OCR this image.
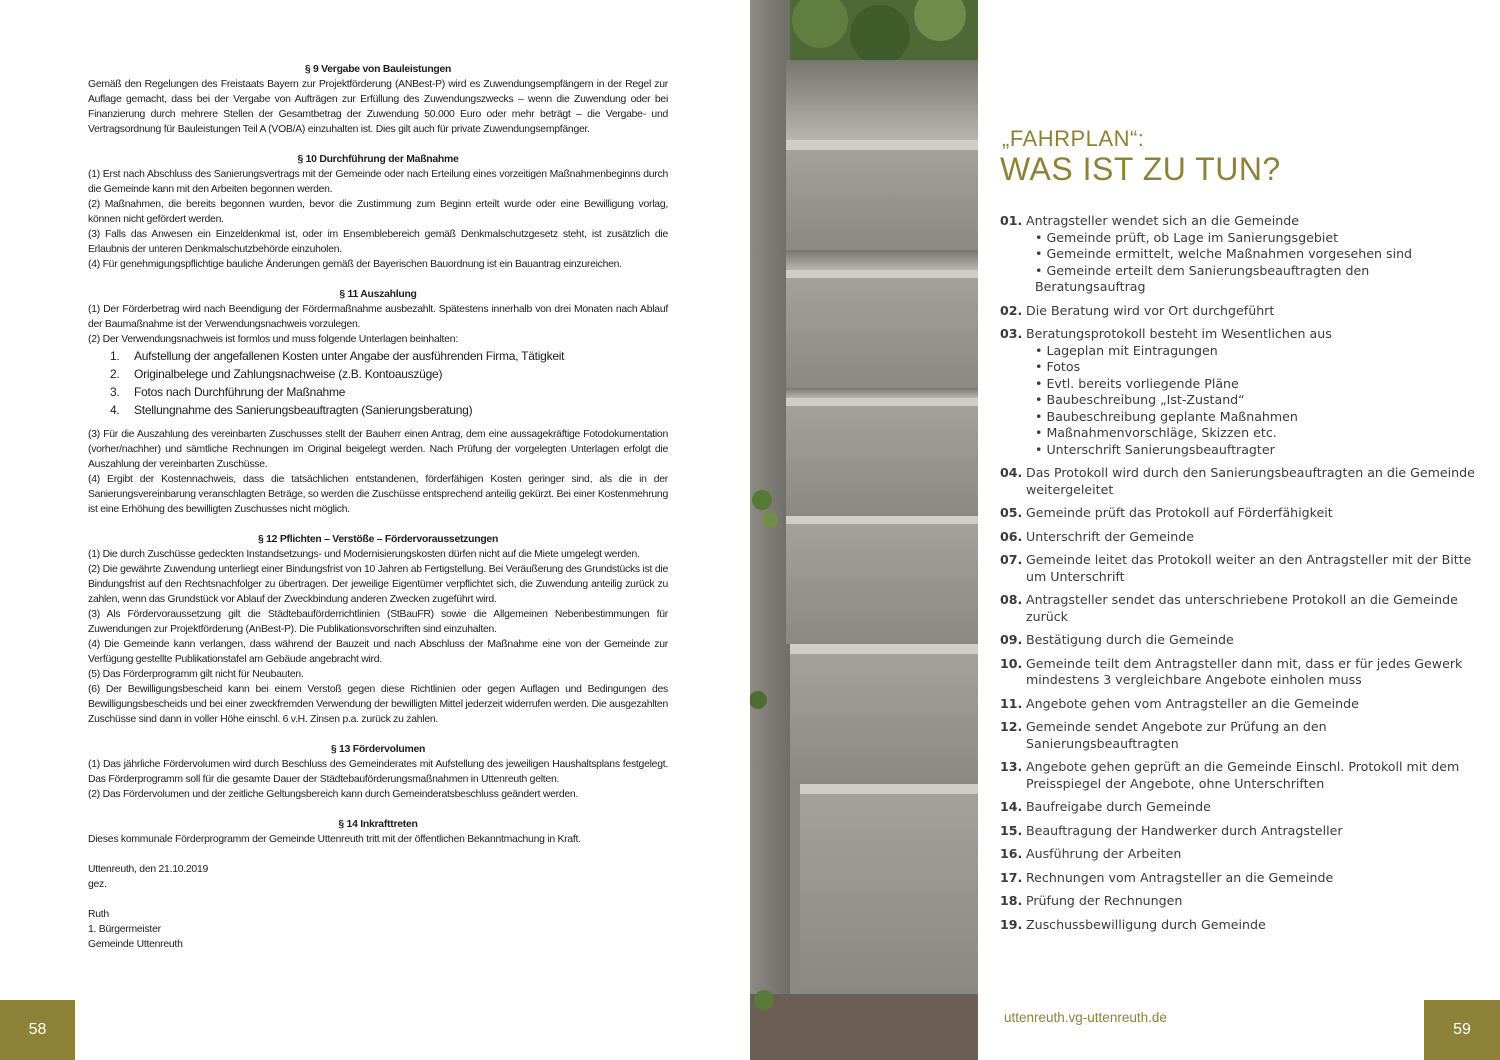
§ 9 Vergabe von Bauleistungen

Gemäß den Regelungen des Freistaats Bayern zur Projektförderung (ANBest-P) wird es Zuwendungsempfängern in der Regel zur Auflage gemacht, dass bei der Vergabe von Aufträgen zur Erfüllung des Zuwendungszwecks – wenn die Zuwendung oder bei Finanzierung durch mehrere Stellen der Gesamtbetrag der Zuwendung 50.000 Euro oder mehr beträgt – die Vergabe- und Vertragsordnung für Bauleistungen Teil A (VOB/A) einzuhalten ist. Dies gilt auch für private Zuwendungsempfänger.

§ 10 Durchführung der Maßnahme

(1) Erst nach Abschluss des Sanierungsvertrags mit der Gemeinde oder nach Erteilung eines vorzeitigen Maßnahmenbeginns durch die Gemeinde kann mit den Arbeiten begonnen werden.

(2) Maßnahmen, die bereits begonnen wurden, bevor die Zustimmung zum Beginn erteilt wurde oder eine Bewilligung vorlag, können nicht gefördert werden.

(3) Falls das Anwesen ein Einzeldenkmal ist, oder im Ensemblebereich gemäß Denkmalschutzgesetz steht, ist zusätzlich die Erlaubnis der unteren Denkmalschutzbehörde einzuholen.

(4) Für genehmigungspflichtige bauliche Änderungen gemäß der Bayerischen Bauordnung ist ein Bauantrag einzureichen.

§ 11 Auszahlung

(1) Der Förderbetrag wird nach Beendigung der Fördermaßnahme ausbezahlt. Spätestens innerhalb von drei Monaten nach Ablauf der Baumaßnahme ist der Verwendungsnachweis vorzulegen.

(2) Der Verwendungsnachweis ist formlos und muss folgende Unterlagen beinhalten:

1.	Aufstellung der angefallenen Kosten unter Angabe der ausführenden Firma, Tätigkeit
2.	Originalbelege und Zahlungsnachweise (z.B. Kontoauszüge)
3.	Fotos nach Durchführung der Maßnahme
4.	Stellungnahme des Sanierungsbeauftragten (Sanierungsberatung)

(3) Für die Auszahlung des vereinbarten Zuschusses stellt der Bauherr einen Antrag, dem eine aussagekräftige Fotodokumentation (vorher/nachher) und sämtliche Rechnungen im Original beigelegt werden. Nach Prüfung der vorgelegten Unterlagen erfolgt die Auszahlung der vereinbarten Zuschüsse.

(4) Ergibt der Kostennachweis, dass die tatsächlichen entstandenen, förderfähigen Kosten geringer sind, als die in der Sanierungsvereinbarung veranschlagten Beträge, so werden die Zuschüsse entsprechend anteilig gekürzt. Bei einer Kostenmehrung ist eine Erhöhung des bewilligten Zuschusses nicht möglich.

§ 12 Pflichten – Verstöße – Fördervoraussetzungen

(1) Die durch Zuschüsse gedeckten Instandsetzungs- und Modernisierungskosten dürfen nicht auf die Miete umgelegt werden.

(2) Die gewährte Zuwendung unterliegt einer Bindungsfrist von 10 Jahren ab Fertigstellung. Bei Veräußerung des Grundstücks ist die Bindungsfrist auf den Rechtsnachfolger zu übertragen. Der jeweilige Eigentümer verpflichtet sich, die Zuwendung anteilig zurück zu zahlen, wenn das Grundstück vor Ablauf der Zweckbindung anderen Zwecken zugeführt wird.

(3) Als Fördervoraussetzung gilt die Städtebauförderrichtlinien (StBauFR) sowie die Allgemeinen Nebenbestimmungen für Zuwendungen zur Projektförderung (AnBest-P). Die Publikationsvorschriften sind einzuhalten.

(4) Die Gemeinde kann verlangen, dass während der Bauzeit und nach Abschluss der Maßnahme eine von der Gemeinde zur Verfügung gestellte Publikationstafel am Gebäude angebracht wird.

(5) Das Förderprogramm gilt nicht für Neubauten.

(6) Der Bewilligungsbescheid kann bei einem Verstoß gegen diese Richtlinien oder gegen Auflagen und Bedingungen des Bewilligungsbescheids und bei einer zweckfremden Verwendung der bewilligten Mittel jederzeit widerrufen werden. Die ausgezahlten Zuschüsse sind dann in voller Höhe einschl. 6 v.H. Zinsen p.a. zurück zu zahlen.

§ 13 Fördervolumen

(1) Das jährliche Fördervolumen wird durch Beschluss des Gemeinderates mit Aufstellung des jeweiligen Haushaltsplans festgelegt. Das Förderprogramm soll für die gesamte Dauer der Städtebauförderungsmaßnahmen in Uttenreuth gelten.

(2) Das Fördervolumen und der zeitliche Geltungsbereich kann durch Gemeinderatsbeschluss geändert werden.

§ 14 Inkrafttreten

Dieses kommunale Förderprogramm der Gemeinde Uttenreuth tritt mit der öffentlichen Bekanntmachung in Kraft.

Uttenreuth, den 21.10.2019

gez.

Ruth

1. Bürgermeister

Gemeinde Uttenreuth

58
„FAHRPLAN“:
WAS IST ZU TUN?
01. Antragsteller wendet sich an die Gemeinde
• Gemeinde prüft, ob Lage im Sanierungsgebiet
• Gemeinde ermittelt, welche Maßnahmen vorgesehen sind
• Gemeinde erteilt dem Sanierungsbeauftragten den Beratungsauftrag
02. Die Beratung wird vor Ort durchgeführt
03. Beratungsprotokoll besteht im Wesentlichen aus
• Lageplan mit Eintragungen
• Fotos
• Evtl. bereits vorliegende Pläne
• Baubeschreibung „Ist-Zustand“
• Baubeschreibung geplante Maßnahmen
• Maßnahmenvorschläge, Skizzen etc.
• Unterschrift Sanierungsbeauftragter
04. Das Protokoll wird durch den Sanierungsbeauftragten an die Gemeinde weitergeleitet
05. Gemeinde prüft das Protokoll auf Förderfähigkeit
06. Unterschrift der Gemeinde
07. Gemeinde leitet das Protokoll weiter an den Antragsteller mit der Bitte um Unterschrift
08. Antragsteller sendet das unterschriebene Protokoll an die Gemeinde zurück
09. Bestätigung durch die Gemeinde
10. Gemeinde teilt dem Antragsteller dann mit, dass er für jedes Gewerk mindestens 3 vergleichbare Angebote einholen muss
11. Angebote gehen vom Antragsteller an die Gemeinde
12. Gemeinde sendet Angebote zur Prüfung an den Sanierungsbeauftragten
13. Angebote gehen geprüft an die Gemeinde Einschl. Protokoll mit dem Preisspiegel der Angebote, ohne Unterschriften
14. Baufreigabe durch Gemeinde
15. Beauftragung der Handwerker durch Antragsteller
16. Ausführung der Arbeiten
17. Rechnungen vom Antragsteller an die Gemeinde
18. Prüfung der Rechnungen
19. Zuschussbewilligung durch Gemeinde
uttenreuth.vg-uttenreuth.de
59
